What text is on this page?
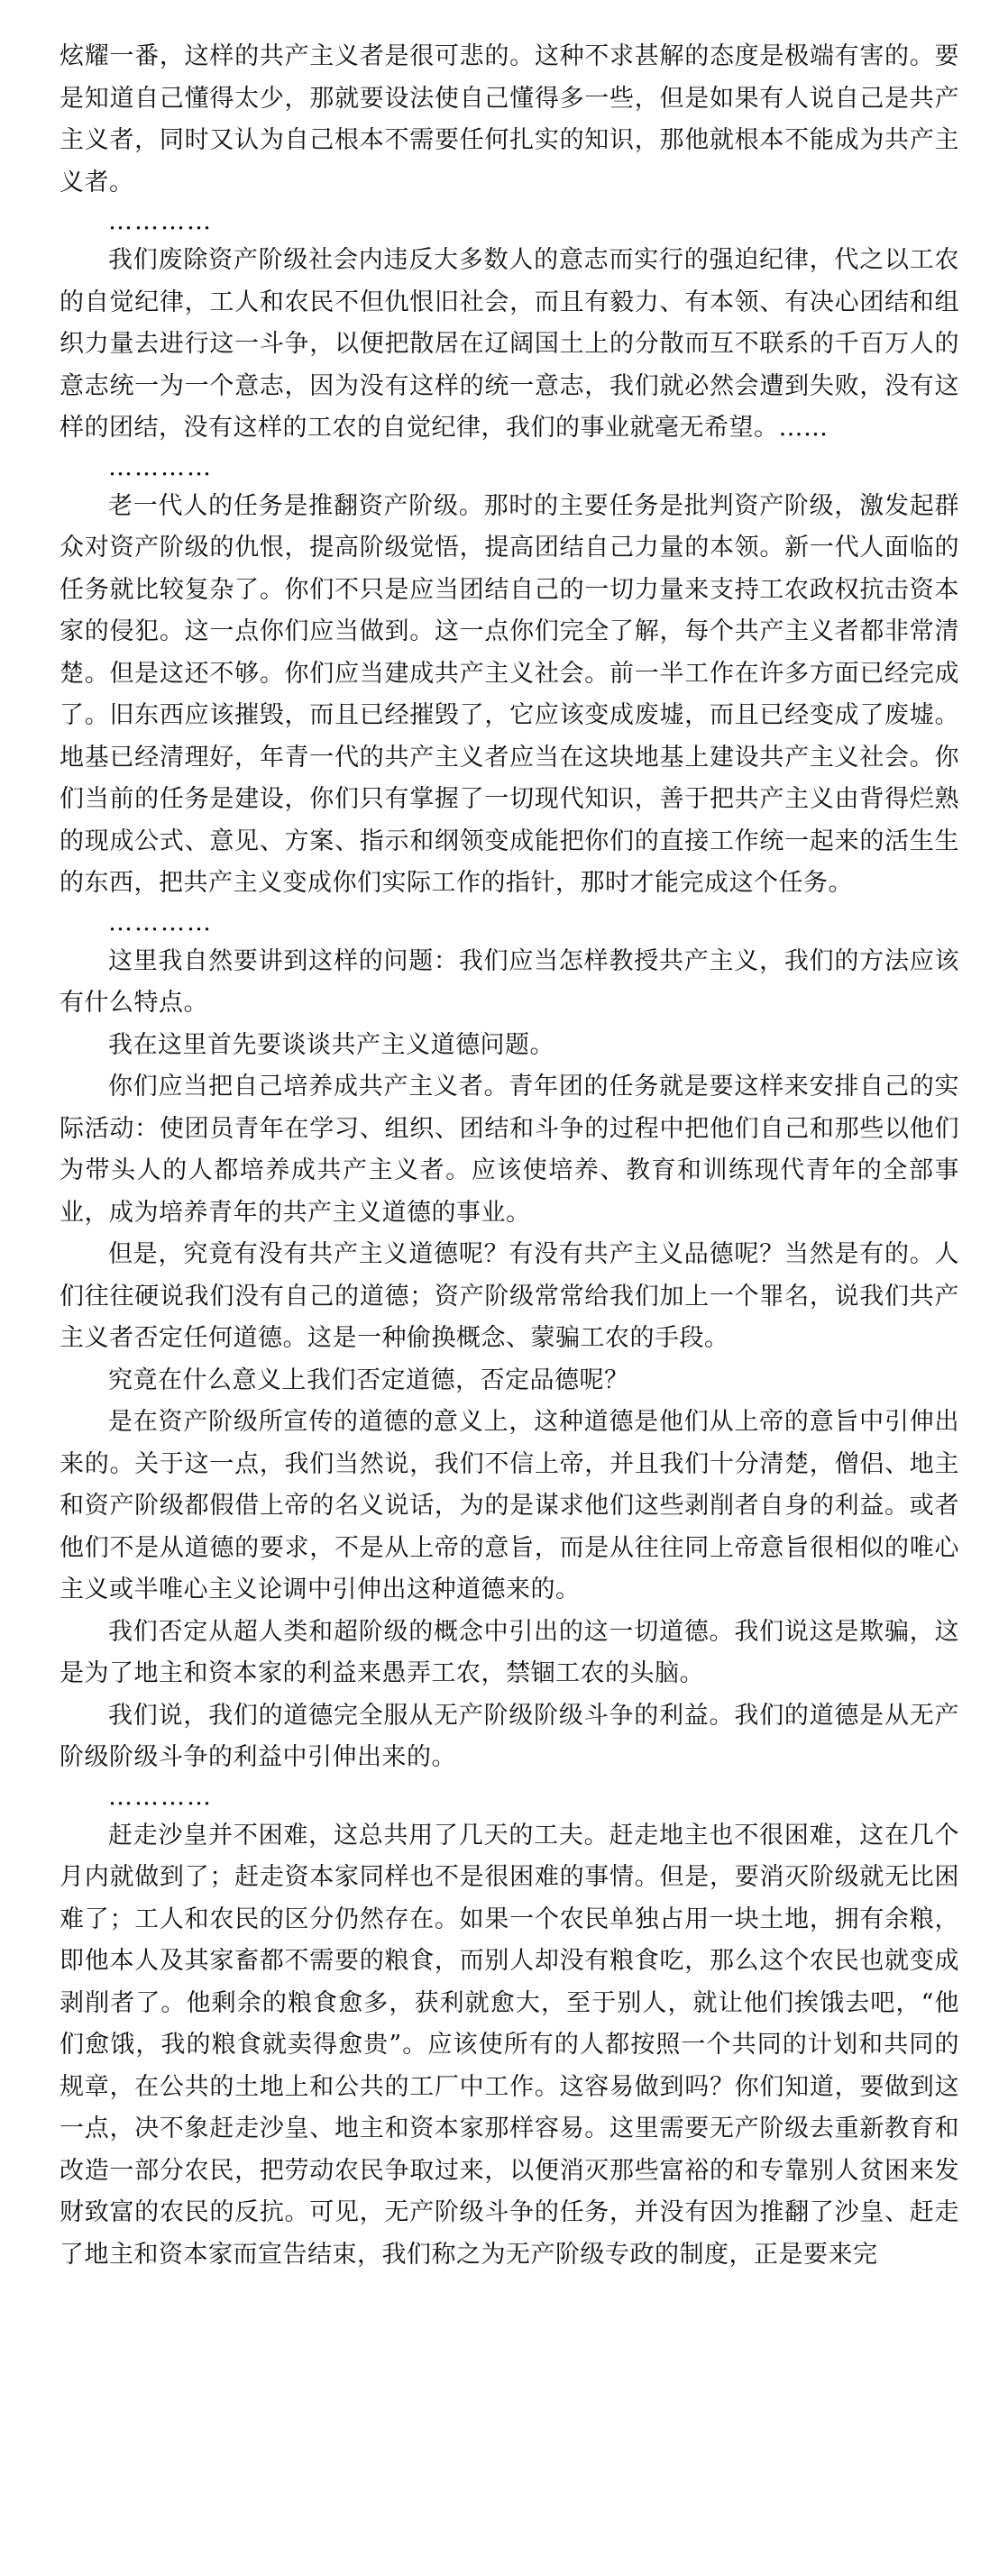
炫耀一番，这样的共产主义者是很可悲的。这种不求甚解的态度是极端有害的。要是知道自己懂得太少，那就要设法使自己懂得多一些，但是如果有人说自己是共产主义者，同时又认为自己根本不需要任何扎实的知识，那他就根本不能成为共产主义者。

…………

我们废除资产阶级社会内违反大多数人的意志而实行的强迫纪律，代之以工农的自觉纪律，工人和农民不但仇恨旧社会，而且有毅力、有本领、有决心团结和组织力量去进行这一斗争，以便把散居在辽阔国土上的分散而互不联系的千百万人的意志统一为一个意志，因为没有这样的统一意志，我们就必然会遭到失败，没有这样的团结，没有这样的工农的自觉纪律，我们的事业就毫无希望。……

…………

老一代人的任务是推翻资产阶级。那时的主要任务是批判资产阶级，激发起群众对资产阶级的仇恨，提高阶级觉悟，提高团结自己力量的本领。新一代人面临的任务就比较复杂了。你们不只是应当团结自己的一切力量来支持工农政权抗击资本家的侵犯。这一点你们应当做到。这一点你们完全了解，每个共产主义者都非常清楚。但是这还不够。你们应当建成共产主义社会。前一半工作在许多方面已经完成了。旧东西应该摧毁，而且已经摧毁了，它应该变成废墟，而且已经变成了废墟。地基已经清理好，年青一代的共产主义者应当在这块地基上建设共产主义社会。你们当前的任务是建设，你们只有掌握了一切现代知识，善于把共产主义由背得烂熟的现成公式、意见、方案、指示和纲领变成能把你们的直接工作统一起来的活生生的东西，把共产主义变成你们实际工作的指针，那时才能完成这个任务。

…………

这里我自然要讲到这样的问题：我们应当怎样教授共产主义，我们的方法应该有什么特点。

我在这里首先要谈谈共产主义道德问题。

你们应当把自己培养成共产主义者。青年团的任务就是要这样来安排自己的实际活动：使团员青年在学习、组织、团结和斗争的过程中把他们自己和那些以他们为带头人的人都培养成共产主义者。应该使培养、教育和训练现代青年的全部事业，成为培养青年的共产主义道德的事业。

但是，究竟有没有共产主义道德呢？有没有共产主义品德呢？当然是有的。人们往往硬说我们没有自己的道德；资产阶级常常给我们加上一个罪名，说我们共产主义者否定任何道德。这是一种偷换概念、蒙骗工农的手段。

究竟在什么意义上我们否定道德，否定品德呢？

是在资产阶级所宣传的道德的意义上，这种道德是他们从上帝的意旨中引伸出来的。关于这一点，我们当然说，我们不信上帝，并且我们十分清楚，僧侣、地主和资产阶级都假借上帝的名义说话，为的是谋求他们这些剥削者自身的利益。或者他们不是从道德的要求，不是从上帝的意旨，而是从往往同上帝意旨很相似的唯心主义或半唯心主义论调中引伸出这种道德来的。

我们否定从超人类和超阶级的概念中引出的这一切道德。我们说这是欺骗，这是为了地主和资本家的利益来愚弄工农，禁锢工农的头脑。

我们说，我们的道德完全服从无产阶级阶级斗争的利益。我们的道德是从无产阶级阶级斗争的利益中引伸出来的。

…………

赶走沙皇并不困难，这总共用了几天的工夫。赶走地主也不很困难，这在几个月内就做到了；赶走资本家同样也不是很困难的事情。但是，要消灭阶级就无比困难了；工人和农民的区分仍然存在。如果一个农民单独占用一块土地，拥有余粮，即他本人及其家畜都不需要的粮食，而别人却没有粮食吃，那么这个农民也就变成剥削者了。他剩余的粮食愈多，获利就愈大，至于别人，就让他们挨饿去吧，“他们愈饿，我的粮食就卖得愈贵”。应该使所有的人都按照一个共同的计划和共同的规章，在公共的土地上和公共的工厂中工作。这容易做到吗？你们知道，要做到这一点，决不象赶走沙皇、地主和资本家那样容易。这里需要无产阶级去重新教育和改造一部分农民，把劳动农民争取过来，以便消灭那些富裕的和专靠别人贫困来发财致富的农民的反抗。可见，无产阶级斗争的任务，并没有因为推翻了沙皇、赶走了地主和资本家而宣告结束，我们称之为无产阶级专政的制度，正是要来完
